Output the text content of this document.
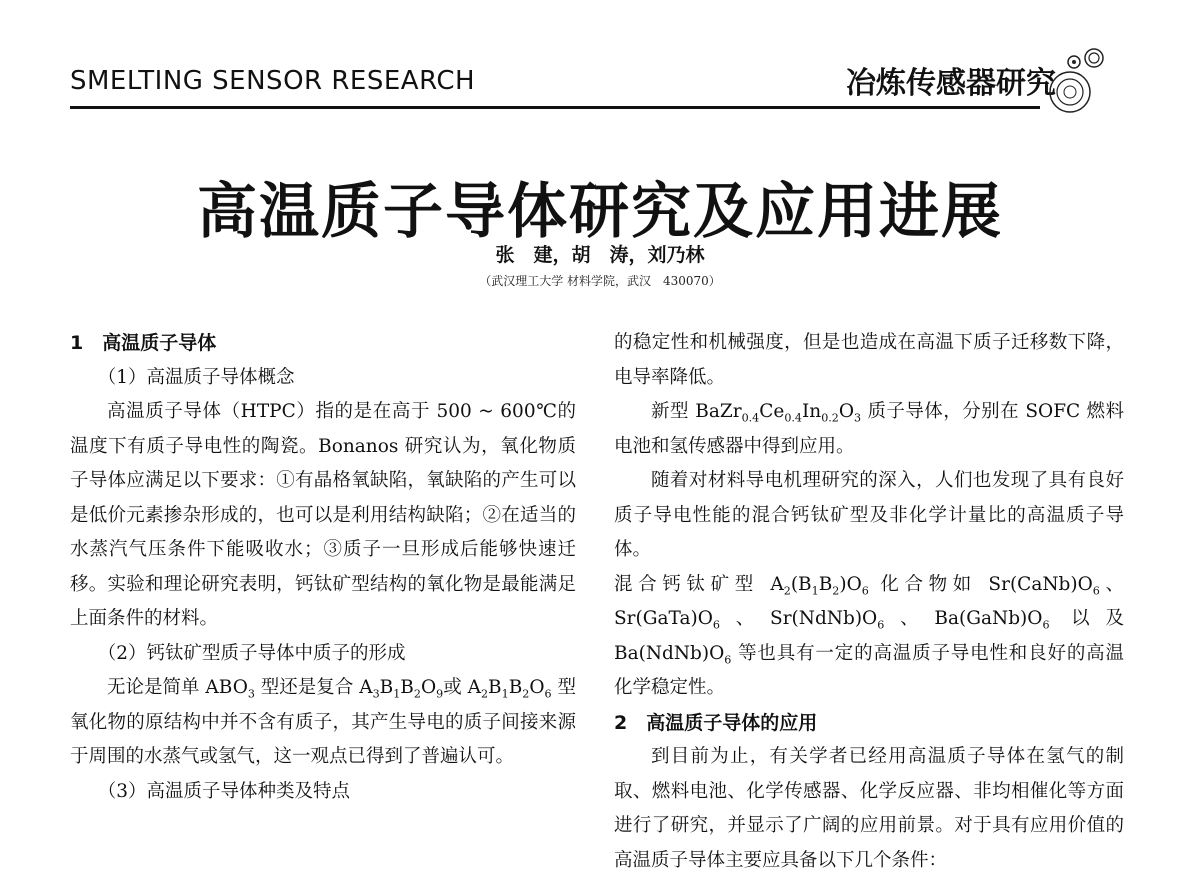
SMELTING SENSOR RESEARCH	冶炼传感器研究
高温质子导体研究及应用进展
张　建，胡　涛，刘乃林
（武汉理工大学 材料学院，武汉　430070）

1　高温质子导体

（1）高温质子导体概念

高温质子导体（HTPC）指的是在高于 500 ~ 600℃的温度下有质子导电性的陶瓷。Bonanos 研究认为，氧化物质子导体应满足以下要求：①有晶格氧缺陷，氧缺陷的产生可以是低价元素掺杂形成的，也可以是利用结构缺陷；②在适当的水蒸汽气压条件下能吸收水；③质子一旦形成后能够快速迁移。实验和理论研究表明，钙钛矿型结构的氧化物是最能满足上面条件的材料。

（2）钙钛矿型质子导体中质子的形成

无论是简单 $ABO_3$ 型还是复合 $A_3B_1B_2O_9$或 $A_2B_1B_2O_6$ 型氧化物的原结构中并不含有质子，其产生导电的质子间接来源于周围的水蒸气或氢气，这一观点已得到了普遍认可。

（3）高温质子导体种类及特点

的稳定性和机械强度，但是也造成在高温下质子迁移数下降，电导率降低。

新型 $BaZr_{0.4}Ce_{0.4}In_{0.2}O_3$ 质子导体，分别在 SOFC 燃料电池和氢传感器中得到应用。

随着对材料导电机理研究的深入，人们也发现了具有良好质子导电性能的混合钙钛矿型及非化学计量比的高温质子导体。

混合钙钛矿型 $A_2(B_1B_2)O_6$ 化合物如 $Sr(CaNb)O_6$、$Sr(GaTa)O_6$、$Sr(NdNb)O_6$、$Ba(GaNb)O_6$ 以及 $Ba(NdNb)O_6$ 等也具有一定的高温质子导电性和良好的高温化学稳定性。

2　高温质子导体的应用

到目前为止，有关学者已经用高温质子导体在氢气的制取、燃料电池、化学传感器、化学反应器、非均相催化等方面进行了研究，并显示了广阔的应用前景。对于具有应用价值的高温质子导体主要应具备以下几个条件：
